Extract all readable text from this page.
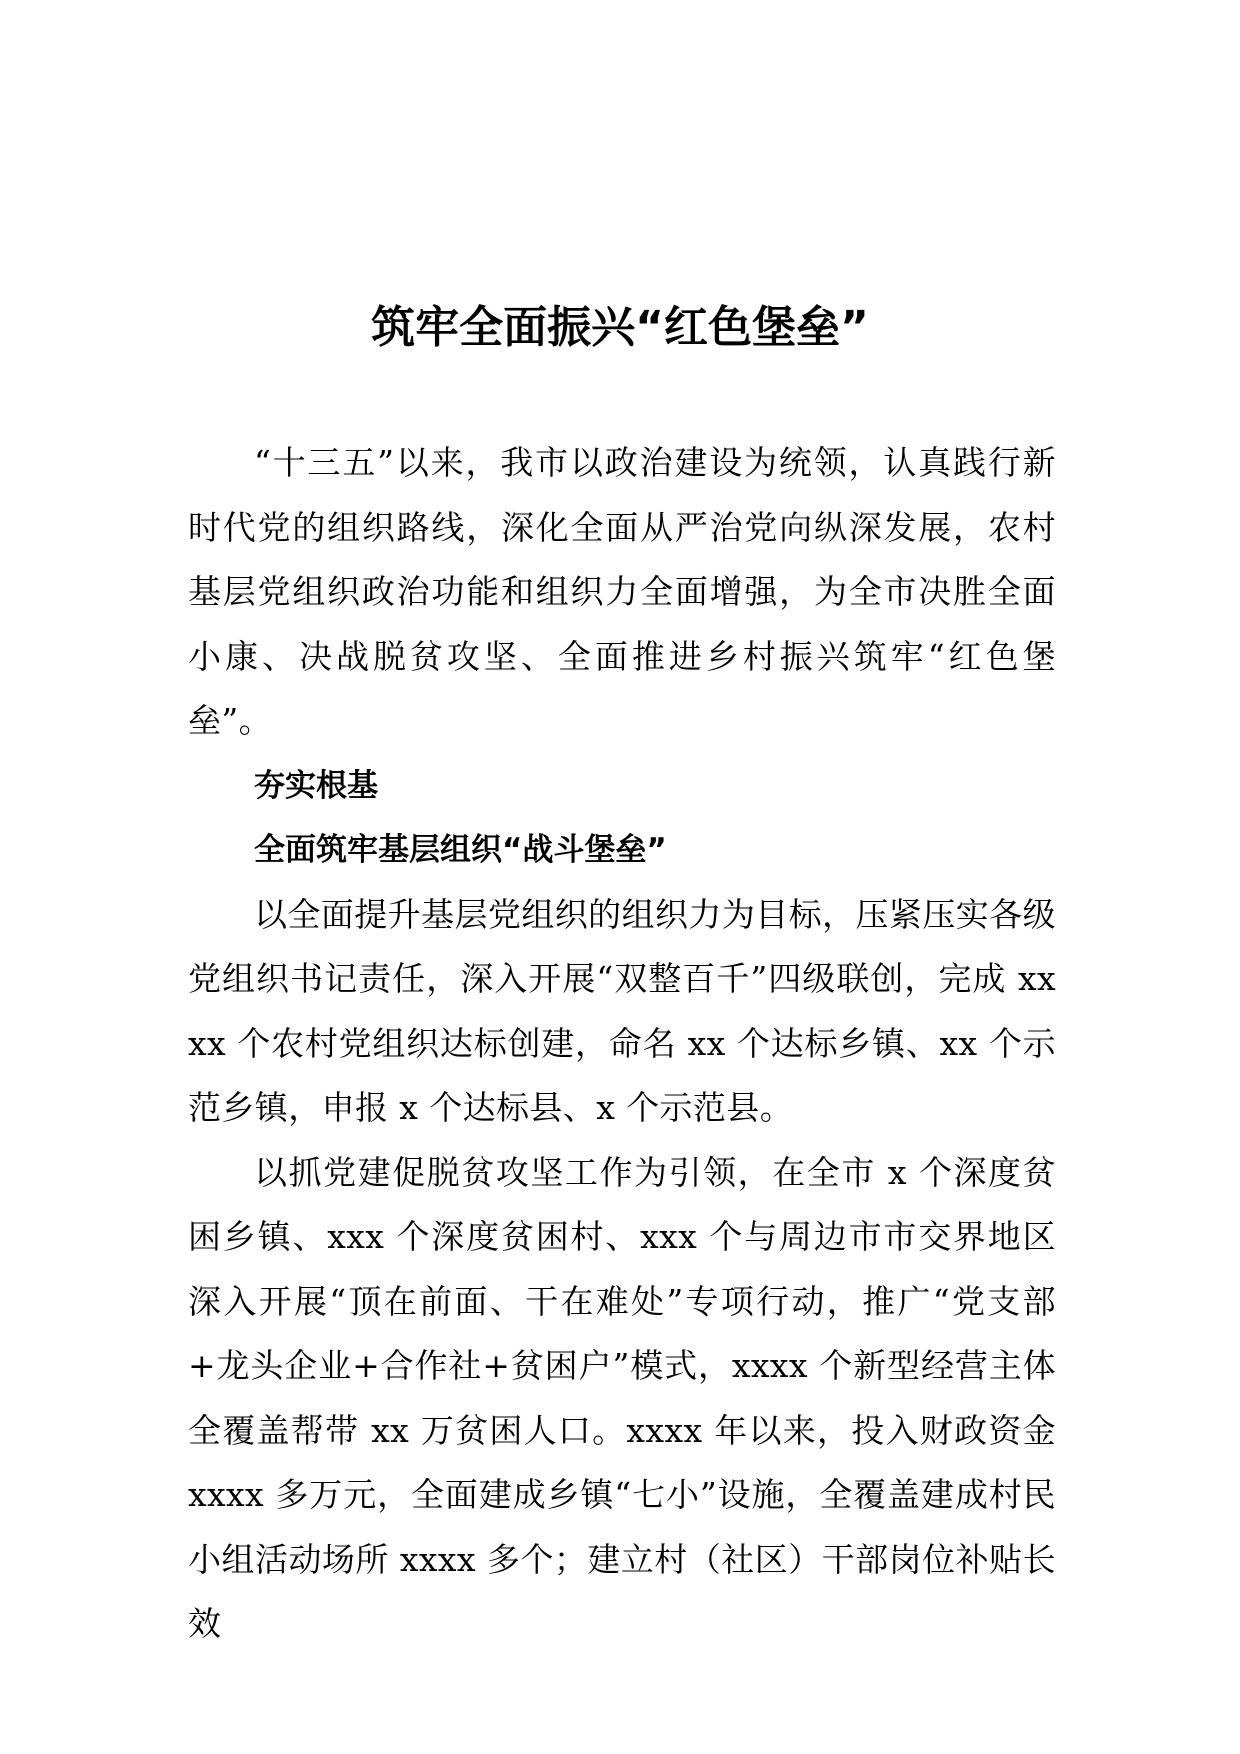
筑牢全面振兴“红色堡垒”

“十三五”以来，我市以政治建设为统领，认真践行新时代党的组织路线，深化全面从严治党向纵深发展，农村基层党组织政治功能和组织力全面增强，为全市决胜全面小康、决战脱贫攻坚、全面推进乡村振兴筑牢“红色堡垒”。

夯实根基

全面筑牢基层组织“战斗堡垒”

以全面提升基层党组织的组织力为目标，压紧压实各级党组织书记责任，深入开展“双整百千”四级联创，完成 xxxx 个农村党组织达标创建，命名 xx 个达标乡镇、xx 个示范乡镇，申报 x 个达标县、x 个示范县。

以抓党建促脱贫攻坚工作为引领，在全市 x 个深度贫困乡镇、xxx 个深度贫困村、xxx 个与周边市市交界地区深入开展“顶在前面、干在难处”专项行动，推广“党支部+龙头企业+合作社+贫困户”模式，xxxx 个新型经营主体全覆盖帮带 xx 万贫困人口。xxxx 年以来，投入财政资金 xxxx 多万元，全面建成乡镇“七小”设施，全覆盖建成村民小组活动场所 xxxx 多个；建立村（社区）干部岗位补贴长效
